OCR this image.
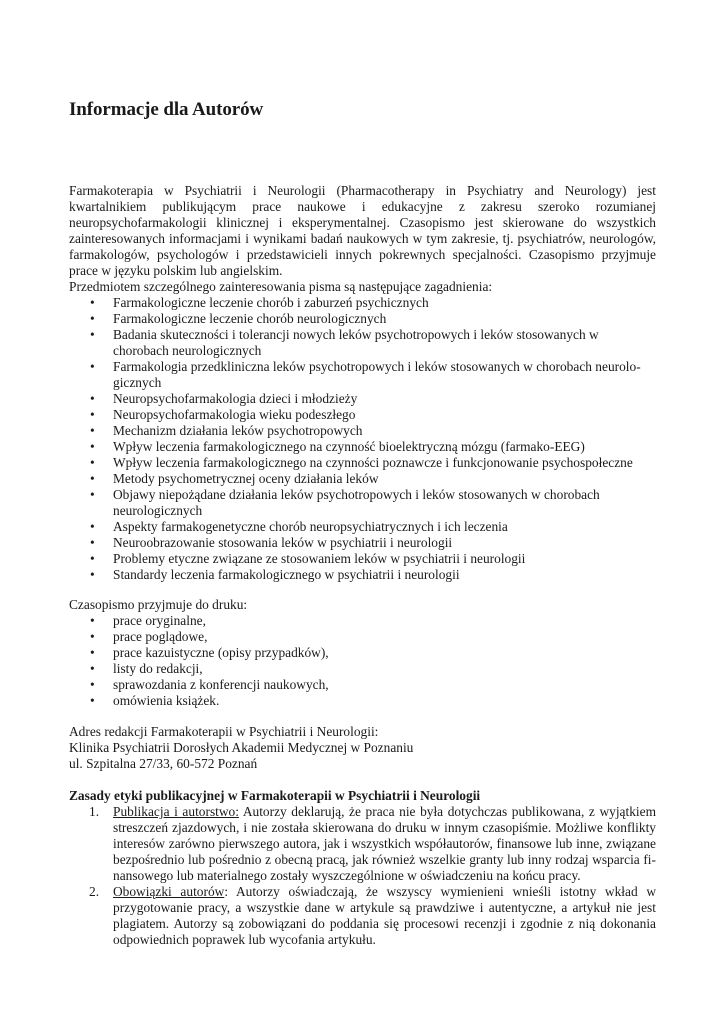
Informacje dla Autorów

Farmakoterapia w Psychiatrii i Neurologii (Pharmacotherapy in Psychiatry and Neurology) jest kwartalnikiem publikującym prace naukowe i edukacyjne z zakresu szeroko rozumianej neuropsychofarmakologii klinicznej i eksperymentalnej. Czasopismo jest skierowane do wszystkich zainteresowanych informacjami i wynikami badań naukowych w tym zakresie, tj. psychiatrów, neurologów, farmakologów, psychologów i przedstawicieli innych pokrewnych specjalności. Czasopismo przyjmuje prace w języku polskim lub angielskim.

Przedmiotem szczególnego zainteresowania pisma są następujące zagadnienia:

• Farmakologiczne leczenie chorób i zaburzeń psychicznych
• Farmakologiczne leczenie chorób neurologicznych
• Badania skuteczności i tolerancji nowych leków psychotropowych i leków stosowanych w chorobach neurologicznych
• Farmakologia przedkliniczna leków psychotropowych i leków stosowanych w chorobach neurologicznych
• Neuropsychofarmakologia dzieci i młodzieży
• Neuropsychofarmakologia wieku podeszłego
• Mechanizm działania leków psychotropowych
• Wpływ leczenia farmakologicznego na czynność bioelektryczną mózgu (farmako-EEG)
• Wpływ leczenia farmakologicznego na czynności poznawcze i funkcjonowanie psychospołeczne
• Metody psychometrycznej oceny działania leków
• Objawy niepożądane działania leków psychotropowych i leków stosowanych w chorobach neurologicznych
• Aspekty farmakogenetyczne chorób neuropsychiatrycznych i ich leczenia
• Neuroobrazowanie stosowania leków w psychiatrii i neurologii
• Problemy etyczne związane ze stosowaniem leków w psychiatrii i neurologii
• Standardy leczenia farmakologicznego w psychiatrii i neurologii

Czasopismo przyjmuje do druku:

• prace oryginalne,
• prace poglądowe,
• prace kazuistyczne (opisy przypadków),
• listy do redakcji,
• sprawozdania z konferencji naukowych,
• omówienia książek.
Adres redakcji Farmakoterapii w Psychiatrii i Neurologii:
Klinika Psychiatrii Dorosłych Akademii Medycznej w Poznaniu
ul. Szpitalna 27/33, 60-572 Poznań
Zasady etyki publikacyjnej w Farmakoterapii w Psychiatrii i Neurologii
1. Publikacja i autorstwo: Autorzy deklarują, że praca nie była dotychczas publikowana, z wyjątkiem streszczeń zjazdowych, i nie została skierowana do druku w innym czasopiśmie. Możliwe konflikty interesów zarówno pierwszego autora, jak i wszystkich współautorów, finansowe lub inne, związane bezpośrednio lub pośrednio z obecną pracą, jak również wszelkie granty lub inny rodzaj wsparcia finansowego lub materialnego zostały wyszczególnione w oświadczeniu na końcu pracy.
2. Obowiązki autorów: Autorzy oświadczają, że wszyscy wymienieni wnieśli istotny wkład w przygotowanie pracy, a wszystkie dane w artykule są prawdziwe i autentyczne, a artykuł nie jest plagiatem. Autorzy są zobowiązani do poddania się procesowi recenzji i zgodnie z nią dokonania odpowiednich poprawek lub wycofania artykułu.
